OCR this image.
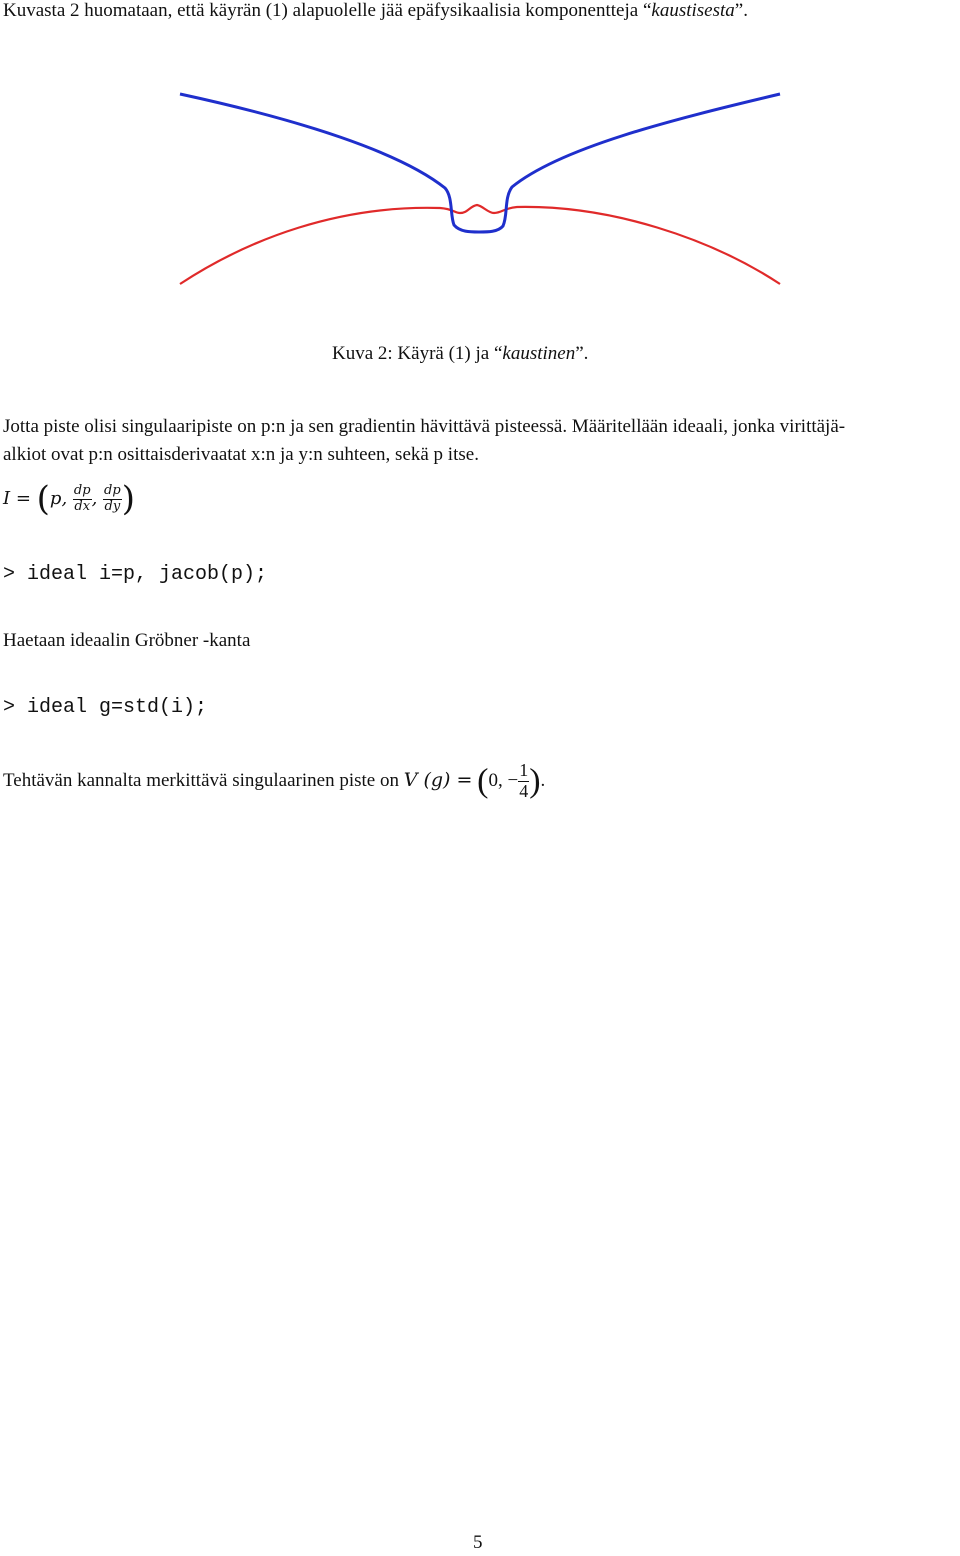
Kuvasta 2 huomataan, että käyrän (1) alapuolelle jää epäfysikaalisia komponentteja “kaustisesta”.
Kuva 2: Käyrä (1) ja “kaustinen”.
Jotta piste olisi singulaaripiste on p:n ja sen gradientin hävittävä pisteessä. Määritellään ideaali, jonka virittäjä-
alkiot ovat p:n osittaisderivaatat x:n ja y:n suhteen, sekä p itse.
I = (p, $\frac{dp}{dx}$ , $\frac{dp}{dy}$ )
> ideal i=p, jacob(p);
Haetaan ideaalin Gröbner -kanta
> ideal g=std(i);
Tehtävän kannalta merkittävä singulaarinen piste on V (g) = (0, − $\frac{1}{4}$ ).
5
